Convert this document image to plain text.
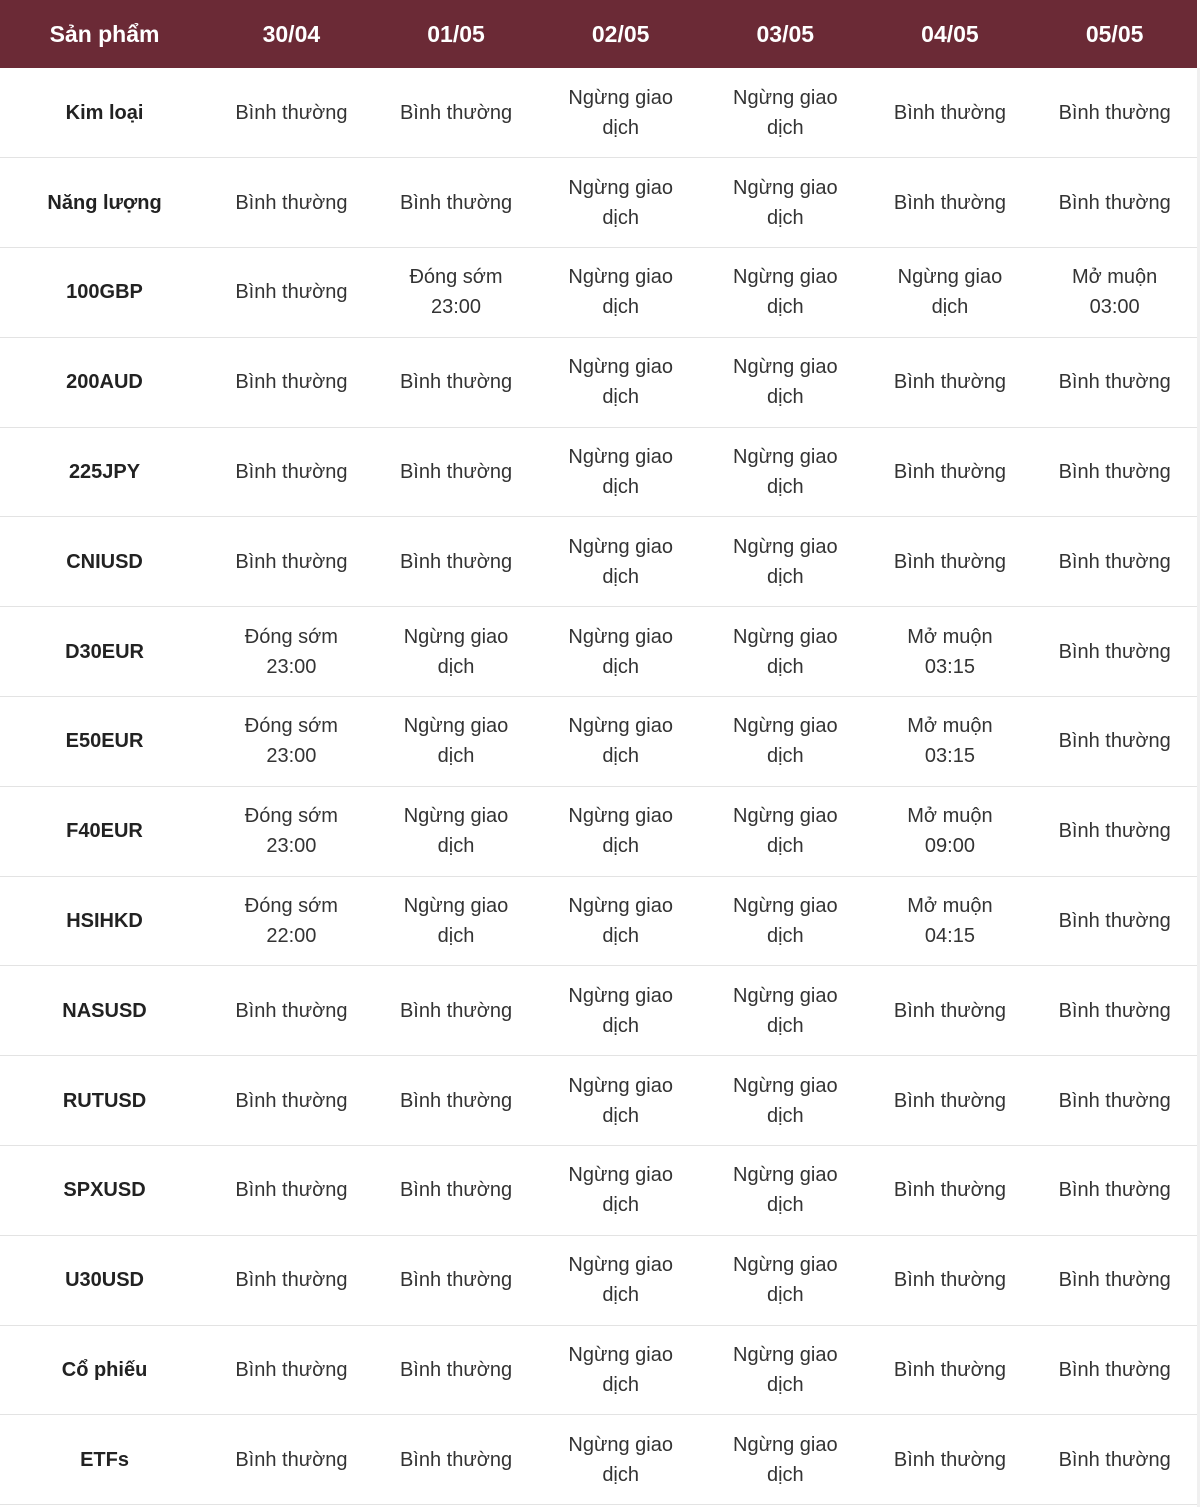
Sản phẩm	30/04	01/05	02/05	03/05	04/05	05/05
Kim loại	Bình thường	Bình thường	Ngừng giao dịch	Ngừng giao dịch	Bình thường	Bình thường
Năng lượng	Bình thường	Bình thường	Ngừng giao dịch	Ngừng giao dịch	Bình thường	Bình thường
100GBP	Bình thường	Đóng sớm 23:00	Ngừng giao dịch	Ngừng giao dịch	Ngừng giao dịch	Mở muộn 03:00
200AUD	Bình thường	Bình thường	Ngừng giao dịch	Ngừng giao dịch	Bình thường	Bình thường
225JPY	Bình thường	Bình thường	Ngừng giao dịch	Ngừng giao dịch	Bình thường	Bình thường
CNIUSD	Bình thường	Bình thường	Ngừng giao dịch	Ngừng giao dịch	Bình thường	Bình thường
D30EUR	Đóng sớm 23:00	Ngừng giao dịch	Ngừng giao dịch	Ngừng giao dịch	Mở muộn 03:15	Bình thường
E50EUR	Đóng sớm 23:00	Ngừng giao dịch	Ngừng giao dịch	Ngừng giao dịch	Mở muộn 03:15	Bình thường
F40EUR	Đóng sớm 23:00	Ngừng giao dịch	Ngừng giao dịch	Ngừng giao dịch	Mở muộn 09:00	Bình thường
HSIHKD	Đóng sớm 22:00	Ngừng giao dịch	Ngừng giao dịch	Ngừng giao dịch	Mở muộn 04:15	Bình thường
NASUSD	Bình thường	Bình thường	Ngừng giao dịch	Ngừng giao dịch	Bình thường	Bình thường
RUTUSD	Bình thường	Bình thường	Ngừng giao dịch	Ngừng giao dịch	Bình thường	Bình thường
SPXUSD	Bình thường	Bình thường	Ngừng giao dịch	Ngừng giao dịch	Bình thường	Bình thường
U30USD	Bình thường	Bình thường	Ngừng giao dịch	Ngừng giao dịch	Bình thường	Bình thường
Cổ phiếu	Bình thường	Bình thường	Ngừng giao dịch	Ngừng giao dịch	Bình thường	Bình thường
ETFs	Bình thường	Bình thường	Ngừng giao dịch	Ngừng giao dịch	Bình thường	Bình thường
